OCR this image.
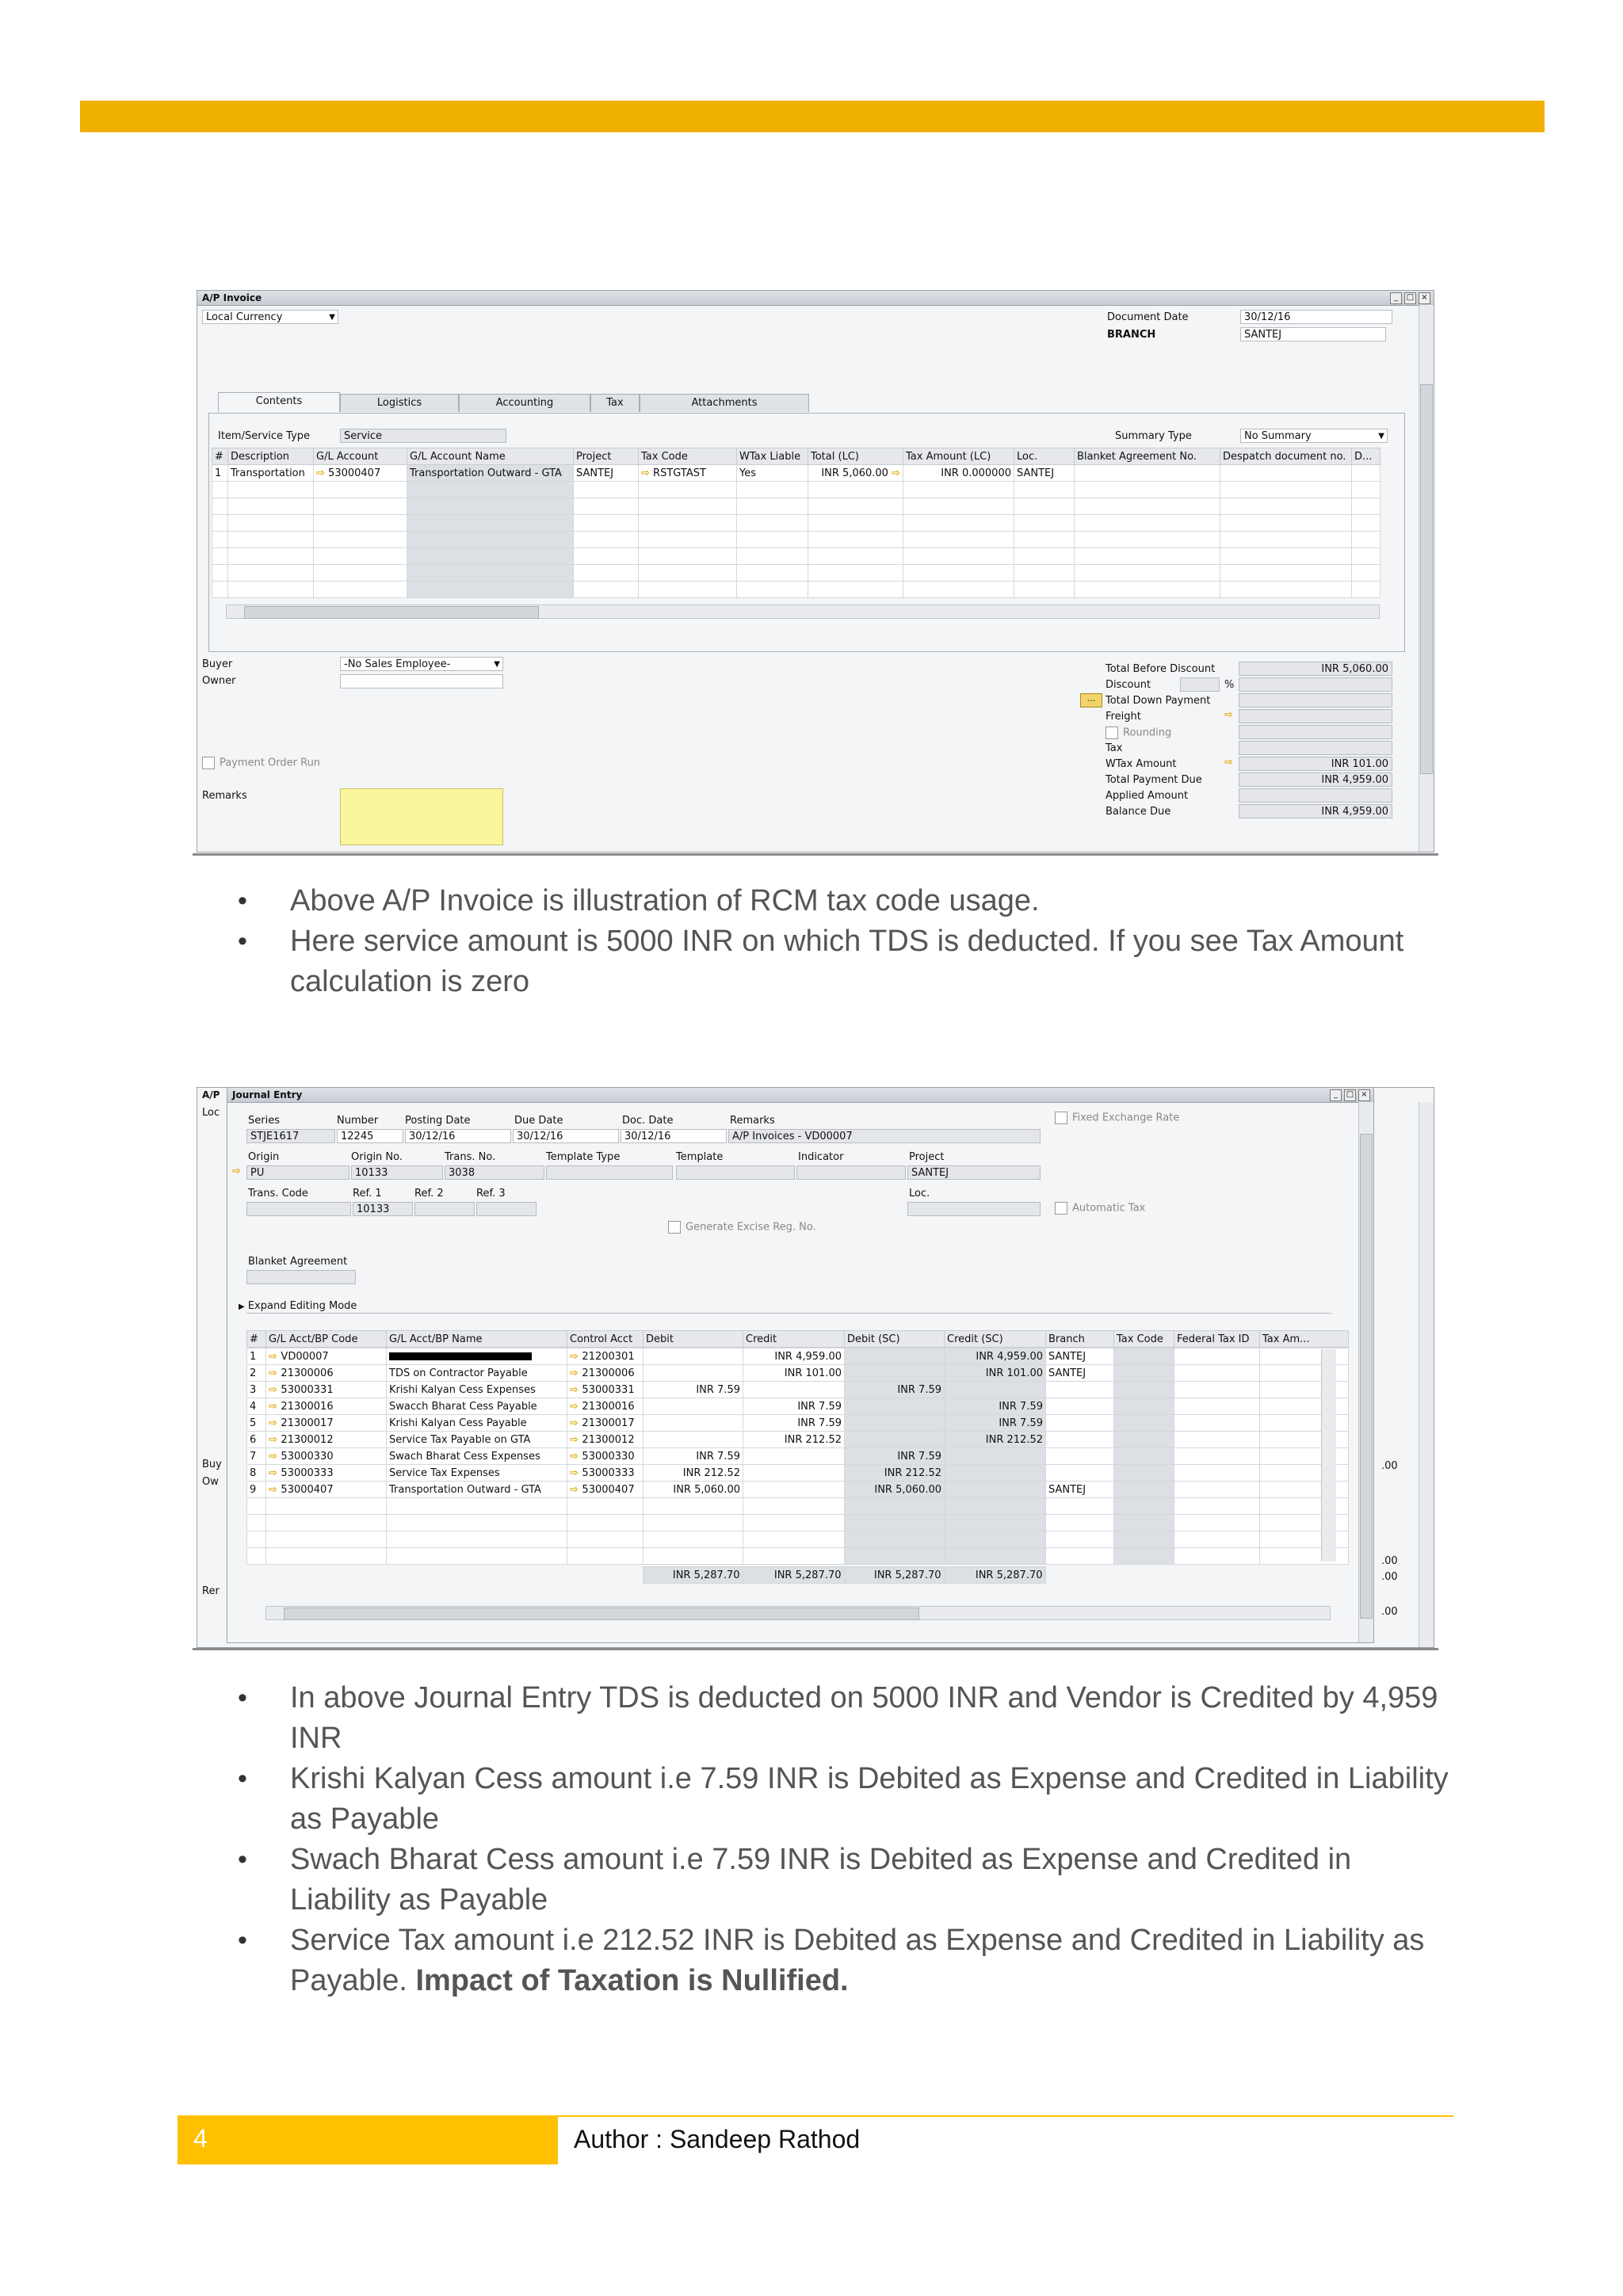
A/P Invoice	_	□ ×
Local Currency	▼	Document Date	30/12/16
BRANCH	SANTEJ
Contents	Logistics	Accounting	Tax	Attachments
Item/Service Type	Service	Summary Type	No Summary	▼
#	Description	G/L Account	G/L Account Name	Project	Tax Code	WTax Liable	Total (LC)	Tax Amount (LC)	Loc.	Blanket Agreement No.	Despatch document no.	D...
1	Transportation	⇨ 53000407	Transportation Outward - GTA	SANTEJ	⇨ RSTGTAST	Yes	INR 5,060.00 ⇨	INR 0.000000	SANTEJ			

Buyer	-No Sales Employee-	▼
Owner
Payment Order Run
Remarks
Total Before Discount	INR 5,060.00
Discount	%
… Total Down Payment
Freight	⇨
Rounding
Tax
WTax Amount	⇨	INR 101.00
Total Payment Due	INR 4,959.00
Applied Amount
Balance Due	INR 4,959.00
• Above A/P Invoice is illustration of RCM tax code usage.
• Here service amount is 5000 INR on which TDS is deducted. If you see Tax Amount calculation is zero
A/P
Loc
Buy
Ow
Rer
.00
.00
.00
.00
Journal Entry	_	□ ×
Series	Number	Posting Date	Due Date	Doc. Date	Remarks
STJE1617	12245	30/12/16	30/12/16	30/12/16	A/P Invoices - VD00007
Fixed Exchange Rate
Origin	Origin No.	Trans. No.	Template Type	Template	Indicator	Project
⇨ PU	10133	3038	SANTEJ
Trans. Code	Ref. 1	Ref. 2	Ref. 3	Loc.
10133	Automatic Tax
Generate Excise Reg. No.
Blanket Agreement
▶ Expand Editing Mode
#	G/L Acct/BP Code	G/L Acct/BP Name	Control Acct	Debit	Credit	Debit (SC)	Credit (SC)	Branch	Tax Code	Federal Tax ID	Tax Am...
1	⇨ VD00007		⇨ 21200301		INR 4,959.00		INR 4,959.00	SANTEJ			
2	⇨ 21300006	TDS on Contractor Payable	⇨ 21300006		INR 101.00		INR 101.00	SANTEJ			
3	⇨ 53000331	Krishi Kalyan Cess Expenses	⇨ 53000331	INR 7.59		INR 7.59					
4	⇨ 21300016	Swacch Bharat Cess Payable	⇨ 21300016		INR 7.59		INR 7.59				
5	⇨ 21300017	Krishi Kalyan Cess Payable	⇨ 21300017		INR 7.59		INR 7.59				
6	⇨ 21300012	Service Tax Payable on GTA	⇨ 21300012		INR 212.52		INR 212.52				
7	⇨ 53000330	Swach Bharat Cess Expenses	⇨ 53000330	INR 7.59		INR 7.59					
8	⇨ 53000333	Service Tax Expenses	⇨ 53000333	INR 212.52		INR 212.52					
9	⇨ 53000407	Transportation Outward - GTA	⇨ 53000407	INR 5,060.00		INR 5,060.00		SANTEJ			

				INR 5,287.70	INR 5,287.70	INR 5,287.70	INR 5,287.70				
• In above Journal Entry TDS is deducted on 5000 INR and Vendor is Credited by 4,959 INR
• Krishi Kalyan Cess amount i.e 7.59 INR is Debited as Expense and Credited in Liability as Payable
• Swach Bharat Cess amount i.e 7.59 INR is Debited as Expense and Credited in Liability as Payable
• Service Tax amount i.e 212.52 INR is Debited as Expense and Credited in Liability as Payable. Impact of Taxation is Nullified.
4	Author : Sandeep Rathod
